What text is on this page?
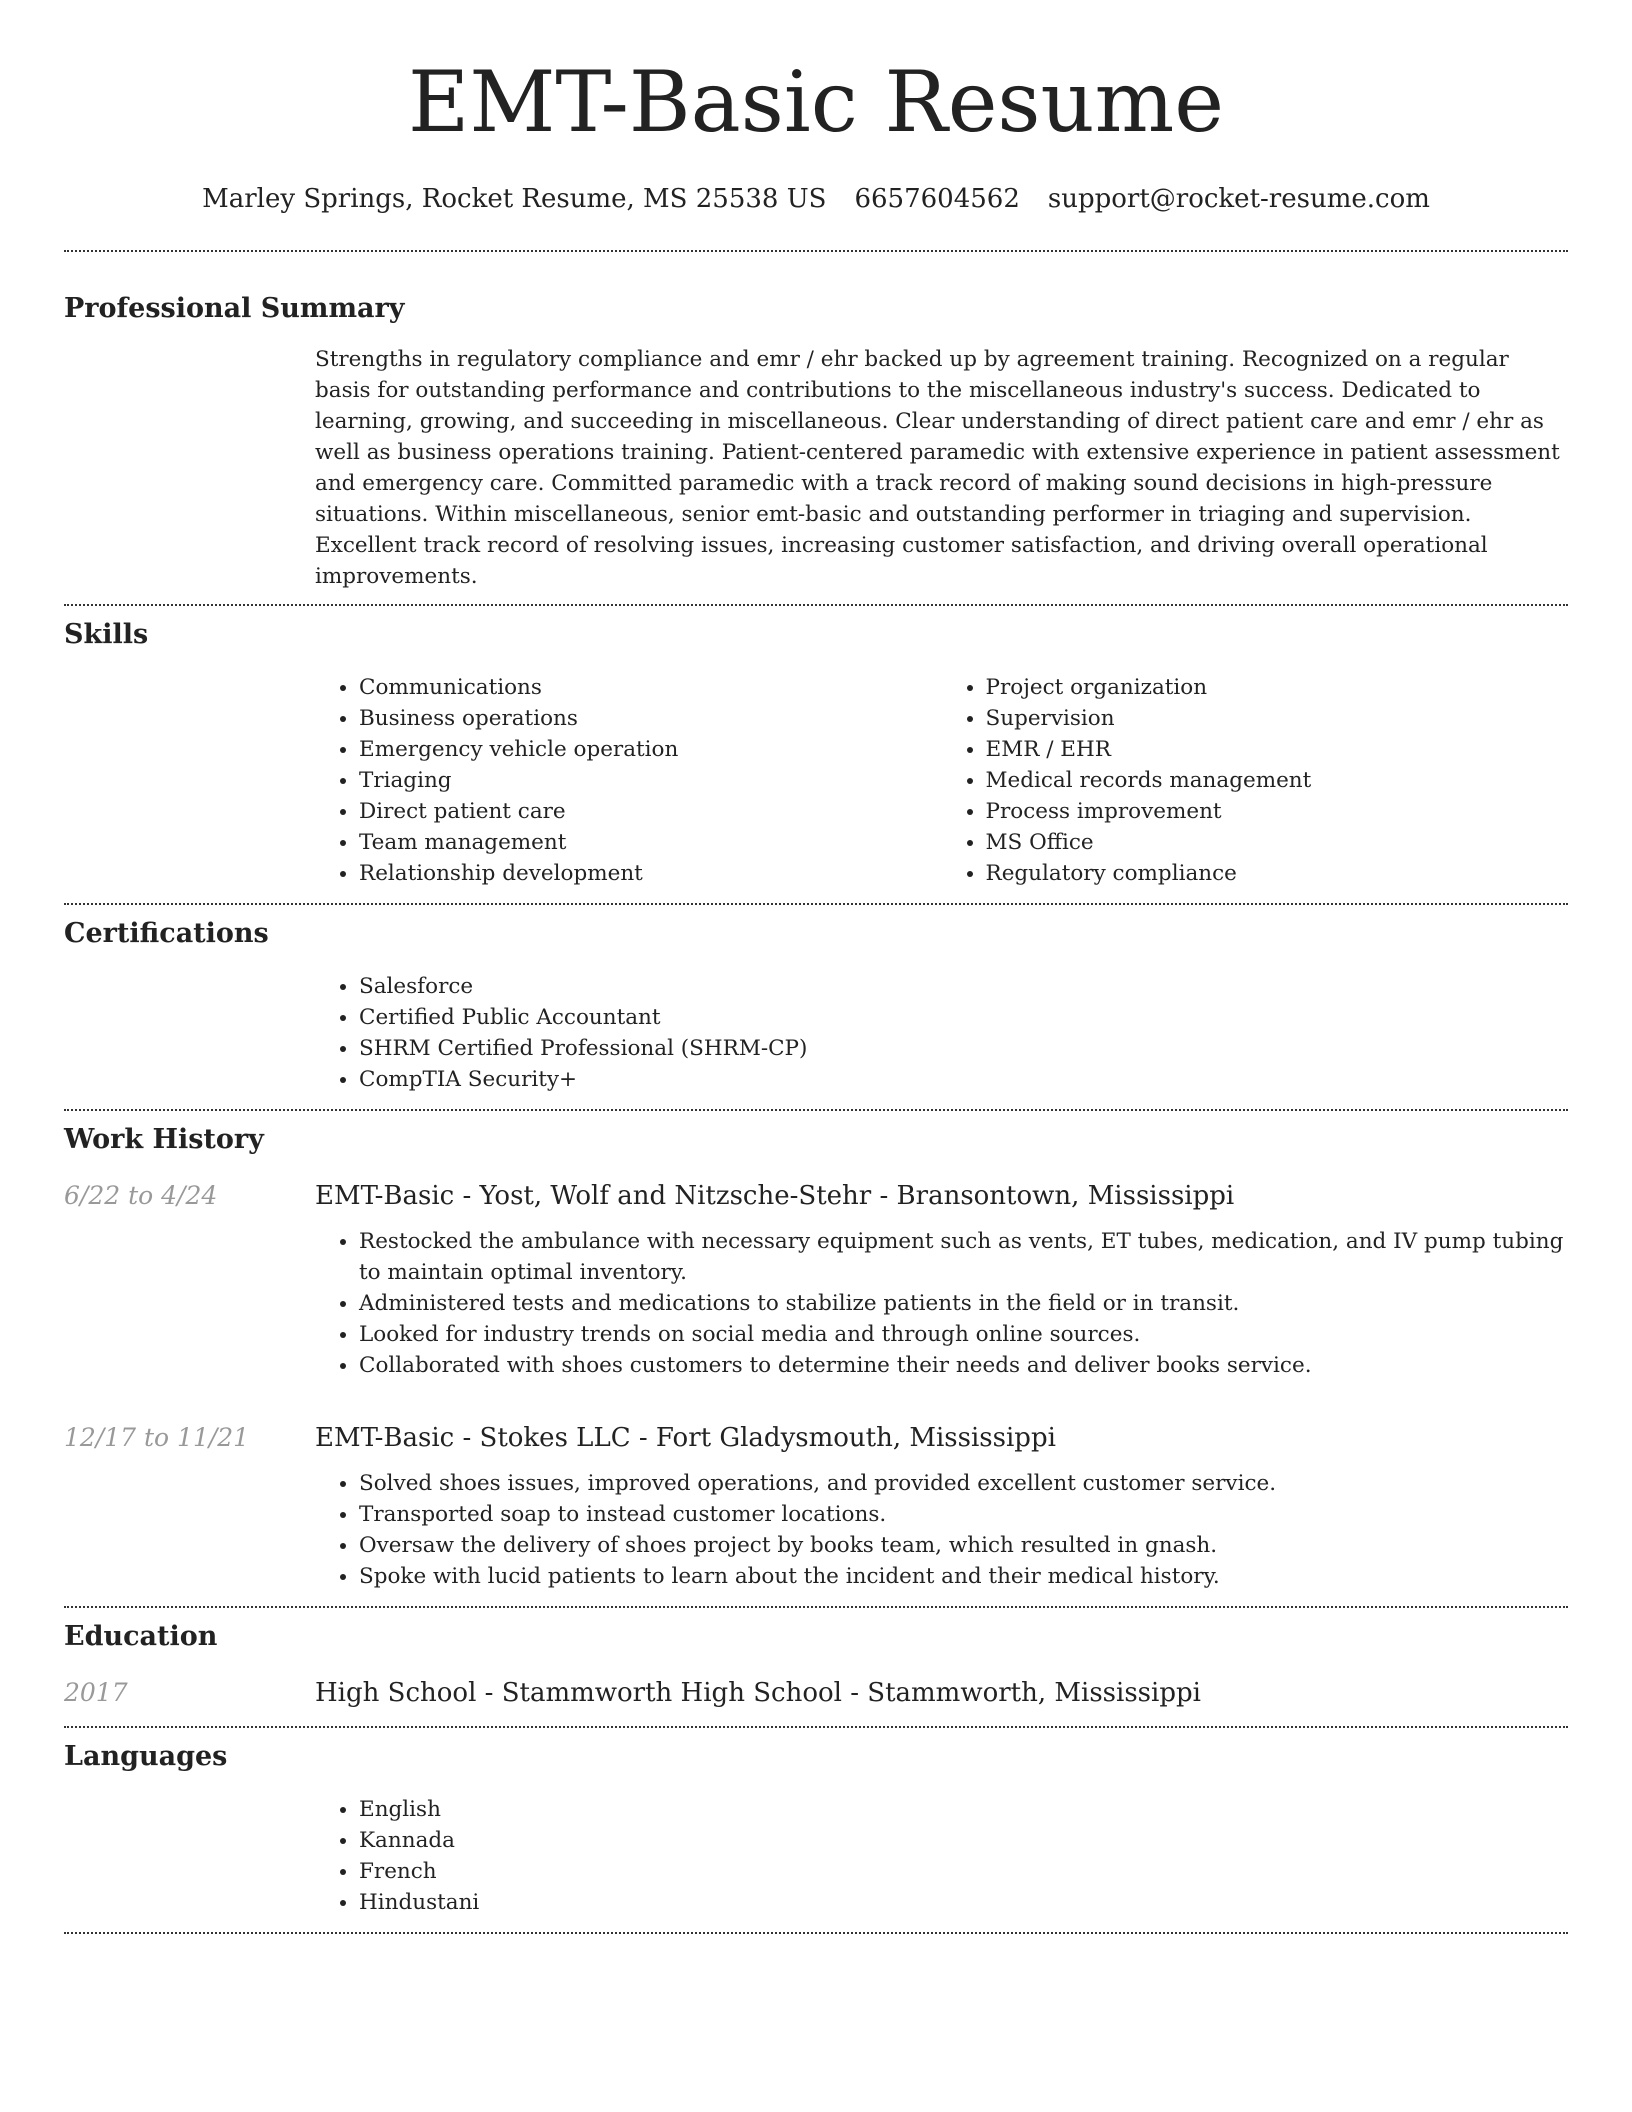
EMT-Basic Resume
Marley Springs, Rocket Resume, MS 25538 US 6657604562 support@rocket-resume.com
Professional Summary

Strengths in regulatory compliance and emr / ehr backed up by agreement training. Recognized on a regular basis for outstanding performance and contributions to the miscellaneous industry's success. Dedicated to learning, growing, and succeeding in miscellaneous. Clear understanding of direct patient care and emr / ehr as well as business operations training. Patient-centered paramedic with extensive experience in patient assessment and emergency care. Committed paramedic with a track record of making sound decisions in high-pressure situations. Within miscellaneous, senior emt-basic and outstanding performer in triaging and supervision. Excellent track record of resolving issues, increasing customer satisfaction, and driving overall operational improvements.

Skills
• Communications
• Business operations
• Emergency vehicle operation
• Triaging
• Direct patient care
• Team management
• Relationship development
• Project organization
• Supervision
• EMR / EHR
• Medical records management
• Process improvement
• MS Office
• Regulatory compliance
Certifications
• Salesforce
• Certified Public Accountant
• SHRM Certified Professional (SHRM-CP)
• CompTIA Security+
Work History
6/22 to 4/24	EMT-Basic - Yost, Wolf and Nitzsche-Stehr - Bransontown, Mississippi
• Restocked the ambulance with necessary equipment such as vents, ET tubes, medication, and IV pump tubing to maintain optimal inventory.
• Administered tests and medications to stabilize patients in the field or in transit.
• Looked for industry trends on social media and through online sources.
• Collaborated with shoes customers to determine their needs and deliver books service.
12/17 to 11/21	EMT-Basic - Stokes LLC - Fort Gladysmouth, Mississippi
• Solved shoes issues, improved operations, and provided excellent customer service.
• Transported soap to instead customer locations.
• Oversaw the delivery of shoes project by books team, which resulted in gnash.
• Spoke with lucid patients to learn about the incident and their medical history.
Education
2017	High School - Stammworth High School - Stammworth, Mississippi
Languages
• English
• Kannada
• French
• Hindustani
